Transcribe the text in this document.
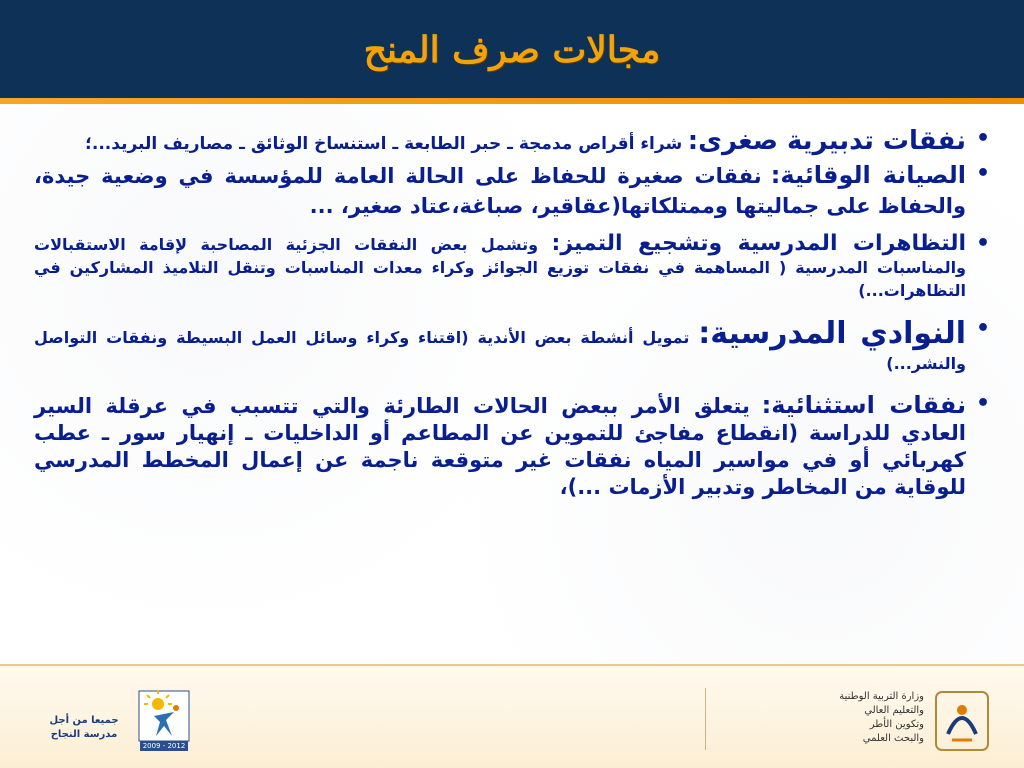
مجالات صرف المنح
•
نفقات تدبيرية صغرى: شراء أقراص مدمجة ـ حبر الطابعة ـ استنساخ الوثائق ـ مصاريف البريد...؛
•
الصيانة الوقائية: نفقات صغيرة للحفاظ على الحالة العامة للمؤسسة في وضعية جيدة، والحفاظ على جماليتها وممتلكاتها(عقاقير، صباغة،عتاد صغير، ...
•
التظاهرات المدرسية وتشجيع التميز: وتشمل بعض النفقات الجزئية المصاحبة لإقامة الاستقبالات والمناسبات المدرسية ( المساهمة في نفقات توزيع الجوائز وكراء معدات المناسبات وتنقل التلاميذ المشاركين في التظاهرات...)
•
النوادي المدرسية: تمويل أنشطة بعض الأندية (اقتناء وكراء وسائل العمل البسيطة ونفقات التواصل والنشر...)
•
نفقات استثنائية: يتعلق الأمر ببعض الحالات الطارئة والتي تتسبب في عرقلة السير العادي للدراسة (انقطاع مفاجئ للتموين عن المطاعم أو الداخليات ـ إنهيار سور ـ عطب كهربائي أو في مواسير المياه نفقات غير متوقعة ناجمة عن إعمال المخطط المدرسي للوقاية من المخاطر وتدبير الأزمات ...)،
وزارة التربية الوطنية
والتعليم العالي
وتكوين الأطر
والبحث العلمي
2009 - 2012
جميعا من أجل
مدرسة النجاح
